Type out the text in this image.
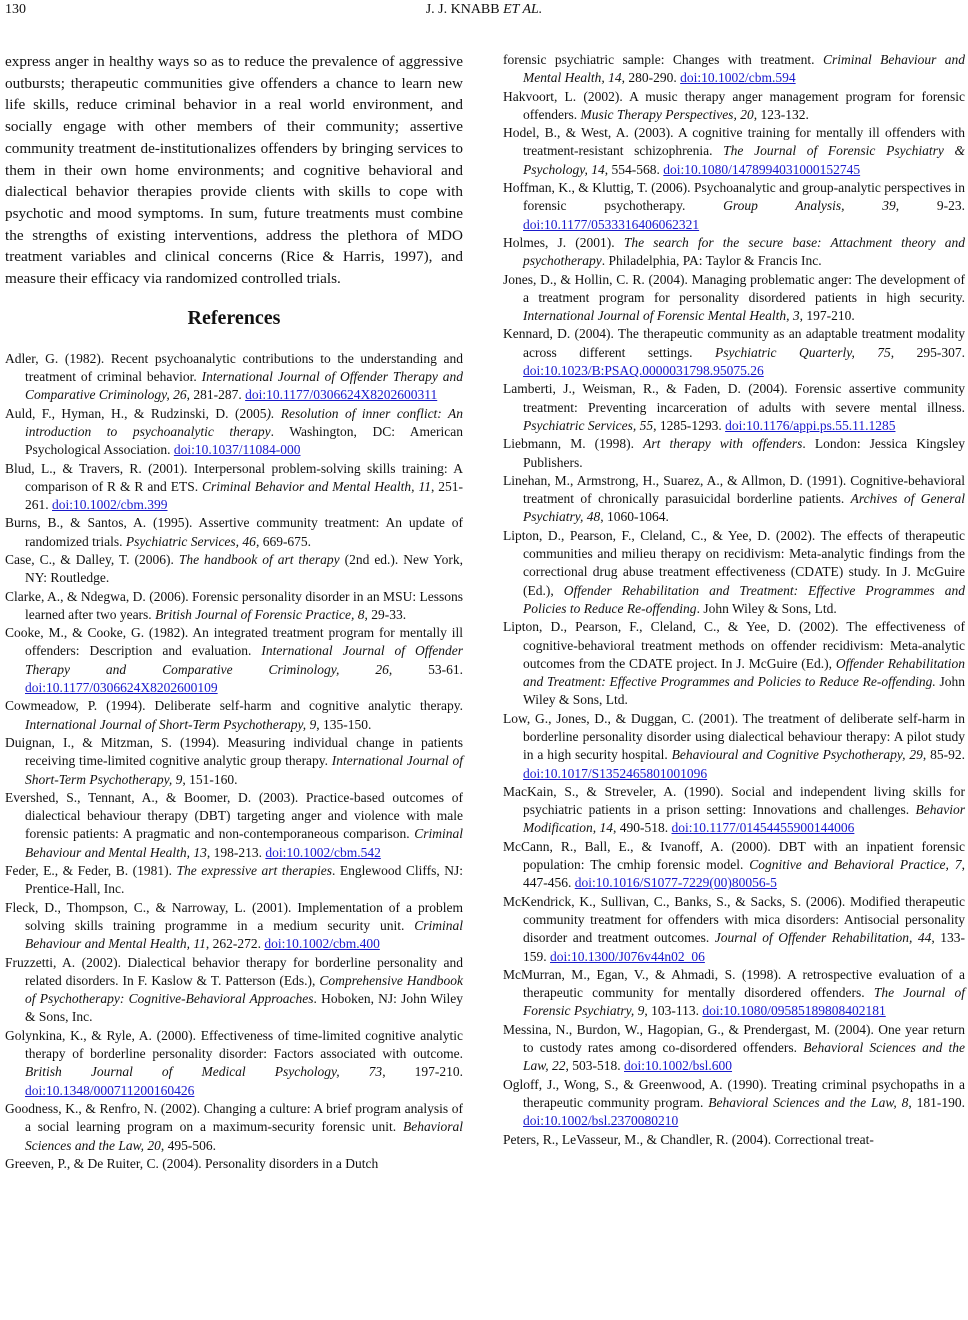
130	J. J. KNABB ET AL.

express anger in healthy ways so as to reduce the prevalence of aggressive outbursts; therapeutic communities give offenders a chance to learn new life skills, reduce criminal behavior in a real world environment, and socially engage with other members of their community; assertive community treatment de-institutionalizes offenders by bringing services to them in their own home environments; and cognitive behavioral and dialectical behavior therapies provide clients with skills to cope with psychotic and mood symptoms. In sum, future treatments must combine the strengths of existing interventions, address the plethora of MDO treatment variables and clinical concerns (Rice & Harris, 1997), and measure their efficacy via randomized controlled trials.

References

Adler, G. (1982). Recent psychoanalytic contributions to the understanding and treatment of criminal behavior. International Journal of Offender Therapy and Comparative Criminology, 26, 281-287. doi:10.1177/0306624X8202600311

Auld, F., Hyman, H., & Rudzinski, D. (2005). Resolution of inner conflict: An introduction to psychoanalytic therapy. Washington, DC: American Psychological Association. doi:10.1037/11084-000

Blud, L., & Travers, R. (2001). Interpersonal problem-solving skills training: A comparison of R & R and ETS. Criminal Behavior and Mental Health, 11, 251-261. doi:10.1002/cbm.399

Burns, B., & Santos, A. (1995). Assertive community treatment: An update of randomized trials. Psychiatric Services, 46, 669-675.

Case, C., & Dalley, T. (2006). The handbook of art therapy (2nd ed.). New York, NY: Routledge.

Clarke, A., & Ndegwa, D. (2006). Forensic personality disorder in an MSU: Lessons learned after two years. British Journal of Forensic Practice, 8, 29-33.

Cooke, M., & Cooke, G. (1982). An integrated treatment program for mentally ill offenders: Description and evaluation. International Journal of Offender Therapy and Comparative Criminology, 26, 53-61. doi:10.1177/0306624X8202600109

Cowmeadow, P. (1994). Deliberate self-harm and cognitive analytic therapy. International Journal of Short-Term Psychotherapy, 9, 135-150.

Duignan, I., & Mitzman, S. (1994). Measuring individual change in patients receiving time-limited cognitive analytic group therapy. International Journal of Short-Term Psychotherapy, 9, 151-160.

Evershed, S., Tennant, A., & Boomer, D. (2003). Practice-based outcomes of dialectical behaviour therapy (DBT) targeting anger and violence with male forensic patients: A pragmatic and non-contemporaneous comparison. Criminal Behaviour and Mental Health, 13, 198-213. doi:10.1002/cbm.542

Feder, E., & Feder, B. (1981). The expressive art therapies. Englewood Cliffs, NJ: Prentice-Hall, Inc.

Fleck, D., Thompson, C., & Narroway, L. (2001). Implementation of a problem solving skills training programme in a medium security unit. Criminal Behaviour and Mental Health, 11, 262-272. doi:10.1002/cbm.400

Fruzzetti, A. (2002). Dialectical behavior therapy for borderline personality and related disorders. In F. Kaslow & T. Patterson (Eds.), Comprehensive Handbook of Psychotherapy: Cognitive-Behavioral Approaches. Hoboken, NJ: John Wiley & Sons, Inc.

Golynkina, K., & Ryle, A. (2000). Effectiveness of time-limited cognitive analytic therapy of borderline personality disorder: Factors associated with outcome. British Journal of Medical Psychology, 73, 197-210. doi:10.1348/000711200160426

Goodness, K., & Renfro, N. (2002). Changing a culture: A brief program analysis of a social learning program on a maximum-security forensic unit. Behavioral Sciences and the Law, 20, 495-506.

Greeven, P., & De Ruiter, C. (2004). Personality disorders in a Dutch

forensic psychiatric sample: Changes with treatment. Criminal Behaviour and Mental Health, 14, 280-290. doi:10.1002/cbm.594

Hakvoort, L. (2002). A music therapy anger management program for forensic offenders. Music Therapy Perspectives, 20, 123-132.

Hodel, B., & West, A. (2003). A cognitive training for mentally ill offenders with treatment-resistant schizophrenia. The Journal of Forensic Psychiatry & Psychology, 14, 554-568. doi:10.1080/1478994031000152745

Hoffman, K., & Kluttig, T. (2006). Psychoanalytic and group-analytic perspectives in forensic psychotherapy. Group Analysis, 39, 9-23. doi:10.1177/0533316406062321

Holmes, J. (2001). The search for the secure base: Attachment theory and psychotherapy. Philadelphia, PA: Taylor & Francis Inc.

Jones, D., & Hollin, C. R. (2004). Managing problematic anger: The development of a treatment program for personality disordered patients in high security. International Journal of Forensic Mental Health, 3, 197-210.

Kennard, D. (2004). The therapeutic community as an adaptable treatment modality across different settings. Psychiatric Quarterly, 75, 295-307. doi:10.1023/B:PSAQ.0000031798.95075.26

Lamberti, J., Weisman, R., & Faden, D. (2004). Forensic assertive community treatment: Preventing incarceration of adults with severe mental illness. Psychiatric Services, 55, 1285-1293. doi:10.1176/appi.ps.55.11.1285

Liebmann, M. (1998). Art therapy with offenders. London: Jessica Kingsley Publishers.

Linehan, M., Armstrong, H., Suarez, A., & Allmon, D. (1991). Cognitive-behavioral treatment of chronically parasuicidal borderline patients. Archives of General Psychiatry, 48, 1060-1064.

Lipton, D., Pearson, F., Cleland, C., & Yee, D. (2002). The effects of therapeutic communities and milieu therapy on recidivism: Meta-analytic findings from the correctional drug abuse treatment effectiveness (CDATE) study. In J. McGuire (Ed.), Offender Rehabilitation and Treatment: Effective Programmes and Policies to Reduce Re-offending. John Wiley & Sons, Ltd.

Lipton, D., Pearson, F., Cleland, C., & Yee, D. (2002). The effectiveness of cognitive-behavioral treatment methods on offender recidivism: Meta-analytic outcomes from the CDATE project. In J. McGuire (Ed.), Offender Rehabilitation and Treatment: Effective Programmes and Policies to Reduce Re-offending. John Wiley & Sons, Ltd.

Low, G., Jones, D., & Duggan, C. (2001). The treatment of deliberate self-harm in borderline personality disorder using dialectical behaviour therapy: A pilot study in a high security hospital. Behavioural and Cognitive Psychotherapy, 29, 85-92. doi:10.1017/S1352465801001096

MacKain, S., & Streveler, A. (1990). Social and independent living skills for psychiatric patients in a prison setting: Innovations and challenges. Behavior Modification, 14, 490-518. doi:10.1177/01454455900144006

McCann, R., Ball, E., & Ivanoff, A. (2000). DBT with an inpatient forensic population: The cmhip forensic model. Cognitive and Behavioral Practice, 7, 447-456. doi:10.1016/S1077-7229(00)80056-5

McKendrick, K., Sullivan, C., Banks, S., & Sacks, S. (2006). Modified therapeutic community treatment for offenders with mica disorders: Antisocial personality disorder and treatment outcomes. Journal of Offender Rehabilitation, 44, 133-159. doi:10.1300/J076v44n02_06

McMurran, M., Egan, V., & Ahmadi, S. (1998). A retrospective evaluation of a therapeutic community for mentally disordered offenders. The Journal of Forensic Psychiatry, 9, 103-113. doi:10.1080/09585189808402181

Messina, N., Burdon, W., Hagopian, G., & Prendergast, M. (2004). One year return to custody rates among co-disordered offenders. Behavioral Sciences and the Law, 22, 503-518. doi:10.1002/bsl.600

Ogloff, J., Wong, S., & Greenwood, A. (1990). Treating criminal psychopaths in a therapeutic community program. Behavioral Sciences and the Law, 8, 181-190. doi:10.1002/bsl.2370080210

Peters, R., LeVasseur, M., & Chandler, R. (2004). Correctional treat-
